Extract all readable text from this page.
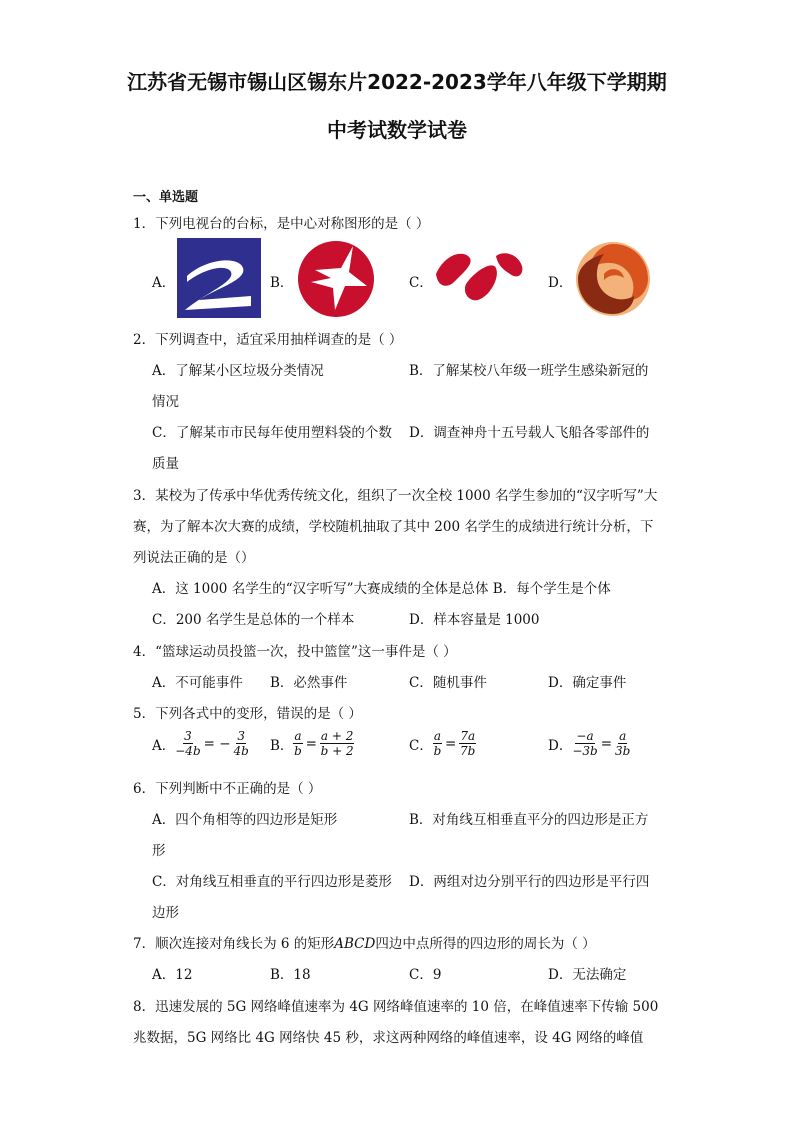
江苏省无锡市锡山区锡东片2022-2023学年八年级下学期期
中考试数学试卷
一、单选题
1．下列电视台的台标，是中心对称图形的是（ ）
A．	B．	C．	D．
2．下列调查中，适宜采用抽样调查的是（ ）
A．了解某小区垃圾分类情况	B．了解某校八年级一班学生感染新冠的
情况
C．了解某市市民每年使用塑料袋的个数 D．调查神舟十五号载人飞船各零部件的
质量
3．某校为了传承中华优秀传统文化，组织了一次全校 1000 名学生参加的“汉字听写”大
赛，为了解本次大赛的成绩，学校随机抽取了其中 200 名学生的成绩进行统计分析，下
列说法正确的是（）
A．这 1000 名学生的“汉字听写”大赛成绩的全体是总体 B．每个学生是个体
C．200 名学生是总体的一个样本	D．样本容量是 1000
4．“篮球运动员投篮一次，投中篮筐”这一事件是（ ）
A．不可能事件 B．必然事件	C．随机事件	D．确定事件
5．下列各式中的变形，错误的是（ ）
A． $\frac{3}{-4b}$ = − $\frac{3}{4b}$ B． $\frac{a}{b} = \frac{a + 2}{b + 2}$	C． $\frac{a}{b} = \frac{7a}{7b}$	D． $\frac{-a}{-3b} = \frac{a}{3b}$
6．下列判断中不正确的是（ ）
A．四个角相等的四边形是矩形	B．对角线互相垂直平分的四边形是正方
形
C．对角线互相垂直的平行四边形是菱形 D．两组对边分别平行的四边形是平行四
边形
7．顺次连接对角线长为 6 的矩形ABCD四边中点所得的四边形的周长为（ ）
A．12	B．18	C．9	D．无法确定
8．迅速发展的 5G 网络峰值速率为 4G 网络峰值速率的 10 倍，在峰值速率下传输 500
兆数据，5G 网络比 4G 网络快 45 秒，求这两种网络的峰值速率，设 4G 网络的峰值
